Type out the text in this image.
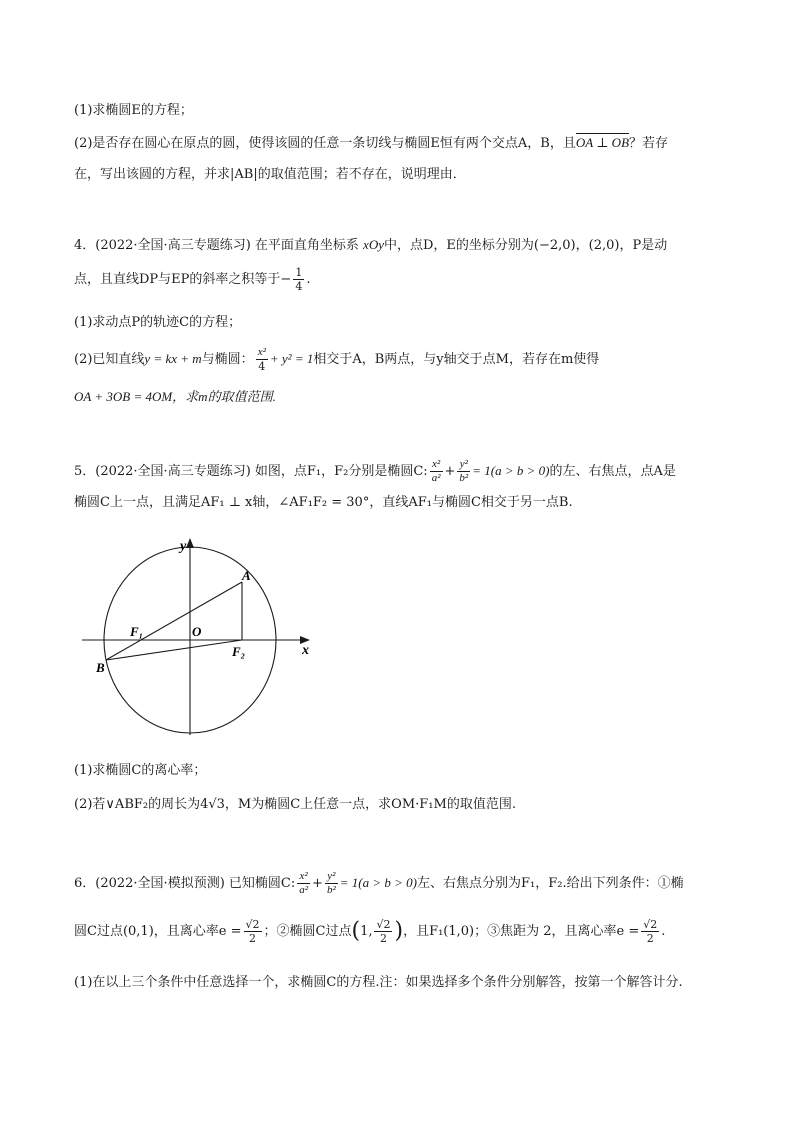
(1)求椭圆E的方程；
(2)是否存在圆心在原点的圆，使得该圆的任意一条切线与椭圆E恒有两个交点A，B，且OA ⊥ OB？若存
在，写出该圆的方程，并求|AB|的取值范围；若不存在，说明理由．
4．(2022·全国·高三专题练习) 在平面直角坐标系 xOy中，点D，E的坐标分别为(−2,0)，(2,0)，P是动
点，且直线DP与EP的斜率之积等于− $\frac{1}{4}$ .
(1)求动点P的轨迹C的方程；
(2)已知直线y = kx + m与椭圆： $\frac{\text{x²}}{4} + y^2 = 1$相交于A，B两点，与y轴交于点M，若存在m使得
OA + 3OB = 4OM，求m的取值范围.
5．(2022·全国·高三专题练习) 如图，点F₁，F₂分别是椭圆C: $\frac{\text{x²}}{\text{a²}} + \frac{\text{y²}}{\text{b²}} = 1(a > b > 0)$的左、右焦点，点A是
椭圆C上一点，且满足AF₁ ⊥ x轴，∠AF₁F₂ = 30°，直线AF₁与椭圆C相交于另一点B.
y
x
A
B
O
F₁
F₂
(1)求椭圆C的离心率；
(2)若∨ABF₂的周长为4√3，M为椭圆C上任意一点，求OM·F₁M的取值范围.
6．(2022·全国·模拟预测) 已知椭圆C: $\frac{\text{x²}}{\text{a²}} + \frac{\text{y²}}{\text{b²}} = 1(a > b > 0)$左、右焦点分别为F₁，F₂.给出下列条件：①椭
圆C过点(0,1)，且离心率$e = \frac{√2}{2}$ ；②椭圆C过点(1, $\frac{√2}{2}$ )，且F₁(1,0)；③焦距为 2，且离心率$e = \frac{√2}{2}$ .
(1)在以上三个条件中任意选择一个，求椭圆C的方程.注：如果选择多个条件分别解答，按第一个解答计分.
